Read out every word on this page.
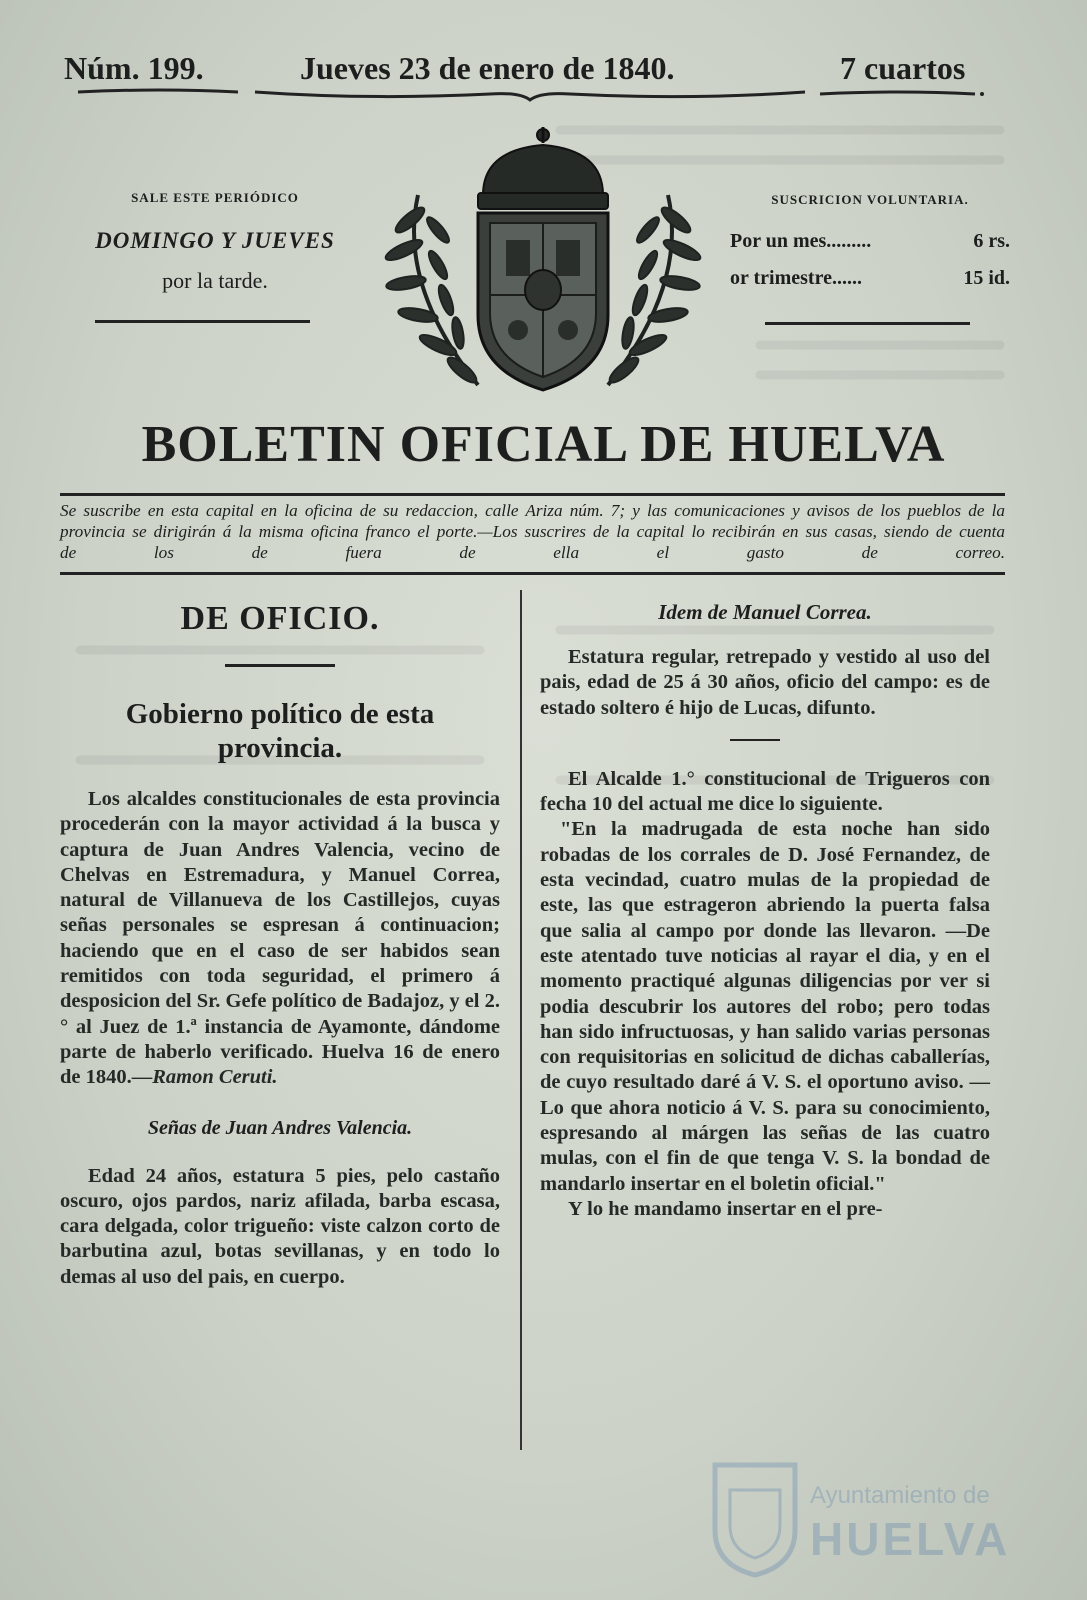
Núm. 199.	Jueves 23 de enero de 1840.	7 cuartos
SALE ESTE PERIÓDICO
DOMINGO Y JUEVES
por la tarde.
SUSCRICION VOLUNTARIA.
Por un mes.........	6 rs.
or trimestre......	15 id.
BOLETIN OFICIAL DE HUELVA
Se suscribe en esta capital en la oficina de su redaccion, calle Ariza núm. 7; y las comunicaciones y avisos de los pueblos de la provincia se dirigirán á la misma oficina franco el porte.—Los suscrires de la capital lo recibirán en sus casas, siendo de cuenta de los de fuera de ella el gasto de correo.
DE OFICIO.
Gobierno político de esta provincia.

Los alcaldes constitucionales de esta provincia procederán con la mayor actividad á la busca y captura de Juan Andres Valencia, vecino de Chelvas en Estremadura, y Manuel Correa, natural de Villanueva de los Castillejos, cuyas señas personales se espresan á continuacion; haciendo que en el caso de ser habidos sean remitidos con toda seguridad, el primero á desposicion del Sr. Gefe político de Badajoz, y el 2.° al Juez de 1.ª instancia de Ayamonte, dándome parte de haberlo verificado. Huelva 16 de enero de 1840.—Ramon Ceruti.

Señas de Juan Andres Valencia.

Edad 24 años, estatura 5 pies, pelo castaño oscuro, ojos pardos, nariz afilada, barba escasa, cara delgada, color trigueño: viste calzon corto de barbutina azul, botas sevillanas, y en todo lo demas al uso del pais, en cuerpo.

Idem de Manuel Correa.

Estatura regular, retrepado y vestido al uso del pais, edad de 25 á 30 años, oficio del campo: es de estado soltero é hijo de Lucas, difunto.

El Alcalde 1.° constitucional de Trigueros con fecha 10 del actual me dice lo siguiente.

"En la madrugada de esta noche han sido robadas de los corrales de D. José Fernandez, de esta vecindad, cuatro mulas de la propiedad de este, las que estrageron abriendo la puerta falsa que salia al campo por donde las llevaron. —De este atentado tuve noticias al rayar el dia, y en el momento practiqué algunas diligencias por ver si podia descubrir los autores del robo; pero todas han sido infructuosas, y han salido varias personas con requisitorias en solicitud de dichas caballerías, de cuyo resultado daré á V. S. el oportuno aviso. —Lo que ahora noticio á V. S. para su conocimiento, espresando al márgen las señas de las cuatro mulas, con el fin de que tenga V. S. la bondad de mandarlo insertar en el boletin oficial."

Y lo he mandamo insertar en el pre-

Ayuntamiento de
HUELVA
